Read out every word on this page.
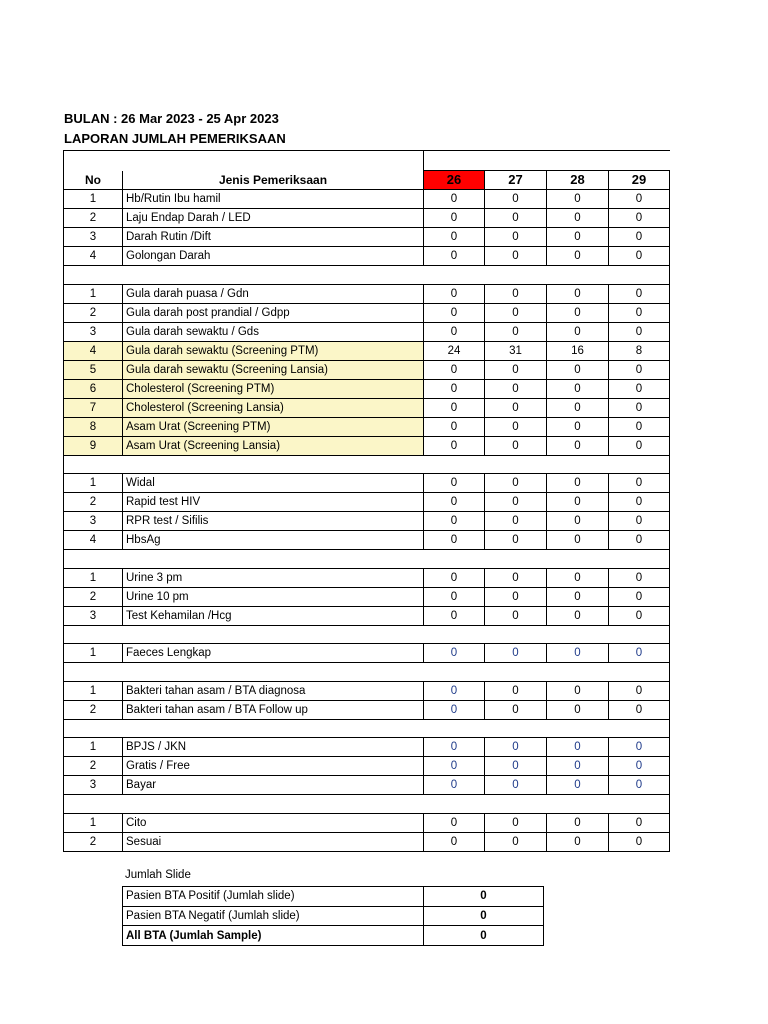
BULAN : 26 Mar 2023 - 25 Apr 2023
LAPORAN JUMLAH PEMERIKSAAN

No	Jenis Pemeriksaan	26	27	28	29
1	Hb/Rutin Ibu hamil	0	0	0	0
2	Laju Endap Darah / LED	0	0	0	0
3	Darah Rutin /Dift	0	0	0	0
4	Golongan Darah	0	0	0	0

1	Gula darah puasa / Gdn	0	0	0	0
2	Gula darah post prandial / Gdpp	0	0	0	0
3	Gula darah sewaktu / Gds	0	0	0	0
4	Gula darah sewaktu (Screening PTM)	24	31	16	8
5	Gula darah sewaktu (Screening Lansia)	0	0	0	0
6	Cholesterol (Screening PTM)	0	0	0	0
7	Cholesterol (Screening Lansia)	0	0	0	0
8	Asam Urat (Screening PTM)	0	0	0	0
9	Asam Urat (Screening Lansia)	0	0	0	0

1	Widal	0	0	0	0
2	Rapid test HIV	0	0	0	0
3	RPR test / Sifilis	0	0	0	0
4	HbsAg	0	0	0	0

1	Urine 3 pm	0	0	0	0
2	Urine 10 pm	0	0	0	0
3	Test Kehamilan /Hcg	0	0	0	0

1	Faeces Lengkap	0	0	0	0

1	Bakteri tahan asam / BTA diagnosa	0	0	0	0
2	Bakteri tahan asam / BTA Follow up	0	0	0	0

1	BPJS / JKN	0	0	0	0
2	Gratis / Free	0	0	0	0
3	Bayar	0	0	0	0

1	Cito	0	0	0	0
2	Sesuai	0	0	0	0
Jumlah Slide
Pasien BTA Positif (Jumlah slide)	0
Pasien BTA Negatif (Jumlah slide)	0
All BTA (Jumlah Sample)	0
